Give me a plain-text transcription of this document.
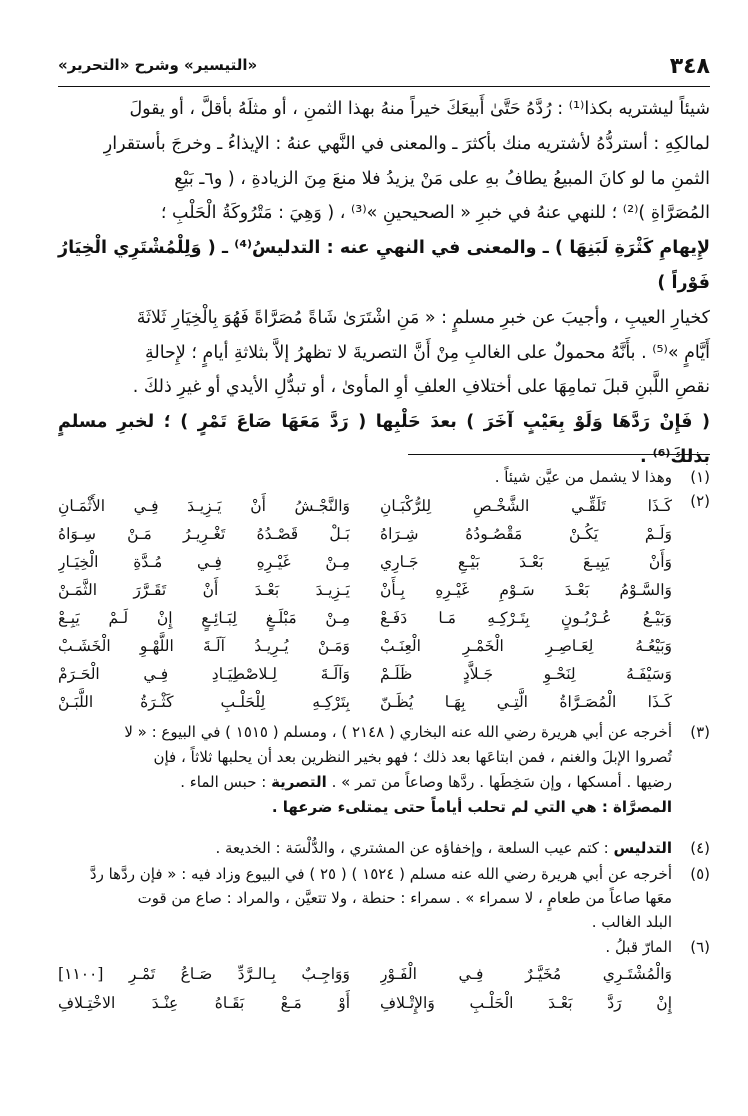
٣٤٨
«التيسير» وشرح «التحرير»
شيئاً ليشتريه بكذا⁽¹⁾ : رُدَّهُ حَتَّىٰ أَبيعَكَ خيراً منهُ بهذا الثمنِ ، أو مثلَهُ بأقلَّ ، أو يقولَ
لمالكِهِ : أستردُّهُ لأشتريه منك بأكثرَ ـ والمعنى في النَّهي عنهُ : الإيذاءُ ـ وخرجَ بأستقرارِ
الثمنِ ما لو كانَ المبيعُ يطافُ بهِ على مَنْ يزيدُ فلا منعَ مِنَ الزيادةِ ، ( و٦ـ بَيْعِ
المُصَرَّاةِ )⁽²⁾ ؛ للنهي عنهُ في خبرِ « الصحيحينِ »⁽³⁾ ، ( وَهِيَ : مَتْرُوكَةُ الْحَلْبِ ؛
لإِيهامِ كَثْرَةِ لَبَنِهَا ) ـ والمعنى في النهيِ عنه : التدليسُ⁽⁴⁾ ـ ( وَلِلْمُشْتَرِي الْخِيَارُ فَوْراً )
كخيارِ العيبِ ، وأجيبَ عن خبرِ مسلمٍ : « مَنِ اشْتَرَىٰ شَاةً مُصَرَّاةً فَهُوَ بِالْخِيَارِ ثَلاثَةَ
أَيَّامٍ »⁽⁵⁾ . بأَنَّهُ محمولٌ على الغالبِ مِنْ أَنَّ التصريةَ لا تظهرُ إلاَّ بثلاثةِ أيامٍ ؛ لإِحالةِ
نقصِ اللَّبنِ قبلَ تمامِهَا على أختلافِ العلفِ أوِ المأوىٰ ، أو تبدُّلِ الأيدي أو غيرِ ذلكَ .
( فَإِنْ رَدَّهَا وَلَوْ بِعَيْبٍ آخَرَ ) بعدَ حَلْبِها ( رَدَّ مَعَهَا صَاعَ تَمْرٍ ) ؛ لخبرِ مسلمٍ بذلكَ⁽⁶⁾ .
(١)
وهذا لا يشمل من عيَّن شيئاً .
(٢)
كَـذَا تَلَقِّـي الشَّخْـصِ لِلرُّكْبَـانِ
وَالنَّجْـشُ أَنْ يَـزِيـدَ فِـي الأَثْمَـانِ
وَلَـمْ يَكُـنْ مَقْصُـودُهُ شِـرَاهُ
بَـلْ قَصْـدُهُ تَغْـرِيـرُ مَـنْ سِـوَاهُ
وَأَنْ يَبِيـعَ بَعْـدَ بَيْـعِ جَـارِي
مِـنْ غَيْـرِهِ فِـي مُـدَّةِ الْخِيَـارِ
وَالسَّـوْمُ بَعْـدَ سَـوْمِ غَيْـرِهِ بِـأَنْ
يَـزِيـدَ بَعْـدَ أَنْ تَقَـرَّرَ الثَّمَـنْ
وَبَيْـعُ عُـرْبُـونٍ بِتَـرْكِـهِ مَـا دَفَـعْ
مِـنْ مَبْلَـغٍ لِبَـائِـعٍ إِنْ لَـمْ يَبِـعْ
وَبَيْعُـهُ لِعَـاصِـرِ الْخَمْـرِ الْعِنَـبْ
وَمَـنْ يُـرِيـدُ آلَـةَ اللَّهْـوِ الْخَشَـبْ
وَسَيْفَـهُ لِنَحْـوِ جَـلاَّدٍ ظَلَـمْ
وَآلَـةَ لِـلاصْطِيَـادِ فِـي الْحَـرَمْ
كَـذَا الْمُصَـرَّاةُ الَّتِـي بِهَـا يُظَـنّ
بِتَرْكِـهِ لِلْحَلْـبِ كَثْـرَةُ اللَّبَـنْ
(٣)
أخرجه عن أبي هريرة رضي الله عنه البخاري ( ٢١٤٨ ) ، ومسلم ( ١٥١٥ ) في البيوع : « لا
تُصروا الإبلَ والغنم ، فمن ابتاعَها بعد ذلك ؛ فهو بخير النظرين بعد أن يحلبها ثلاثاً ، فإن
رضيها . أمسكها ، وإن سَخِطَها . ردَّها وصاعاً من تمر » . التصرية : حبس الماء .
المصرَّاة : هي التي لم تحلب أياماً حتى يمتلىء ضرعها .
(٤)
التدليس : كتم عيب السلعة ، وإخفاؤه عن المشتري ، والدُّلْسَة : الخديعة .
(٥)
أخرجه عن أبي هريرة رضي الله عنه مسلم ( ١٥٢٤ ) ( ٢٥ ) في البيوع وزاد فيه : « فإن ردَّها ردَّ
معَها صاعاً من طعامٍ ، لا سمراء » . سمراء : حنطة ، ولا تتعيَّن ، والمراد : صاع من قوت
البلد الغالب .
(٦)
المارّ قبلُ .
وَالْمُشْتَـرِي مُخَيَّـرٌ فِـي الْفَـوْرِ
وَوَاجِـبٌ بِـالـرَّدِّ صَـاعُ تَمْـرِ [١١٠٠]
إِنْ رَدَّ بَعْـدَ الْحَلْـبِ وَالإِتْـلافِ
أَوْ مَـعْ بَقَـاهُ عِنْـدَ الاخْتِـلافِ
